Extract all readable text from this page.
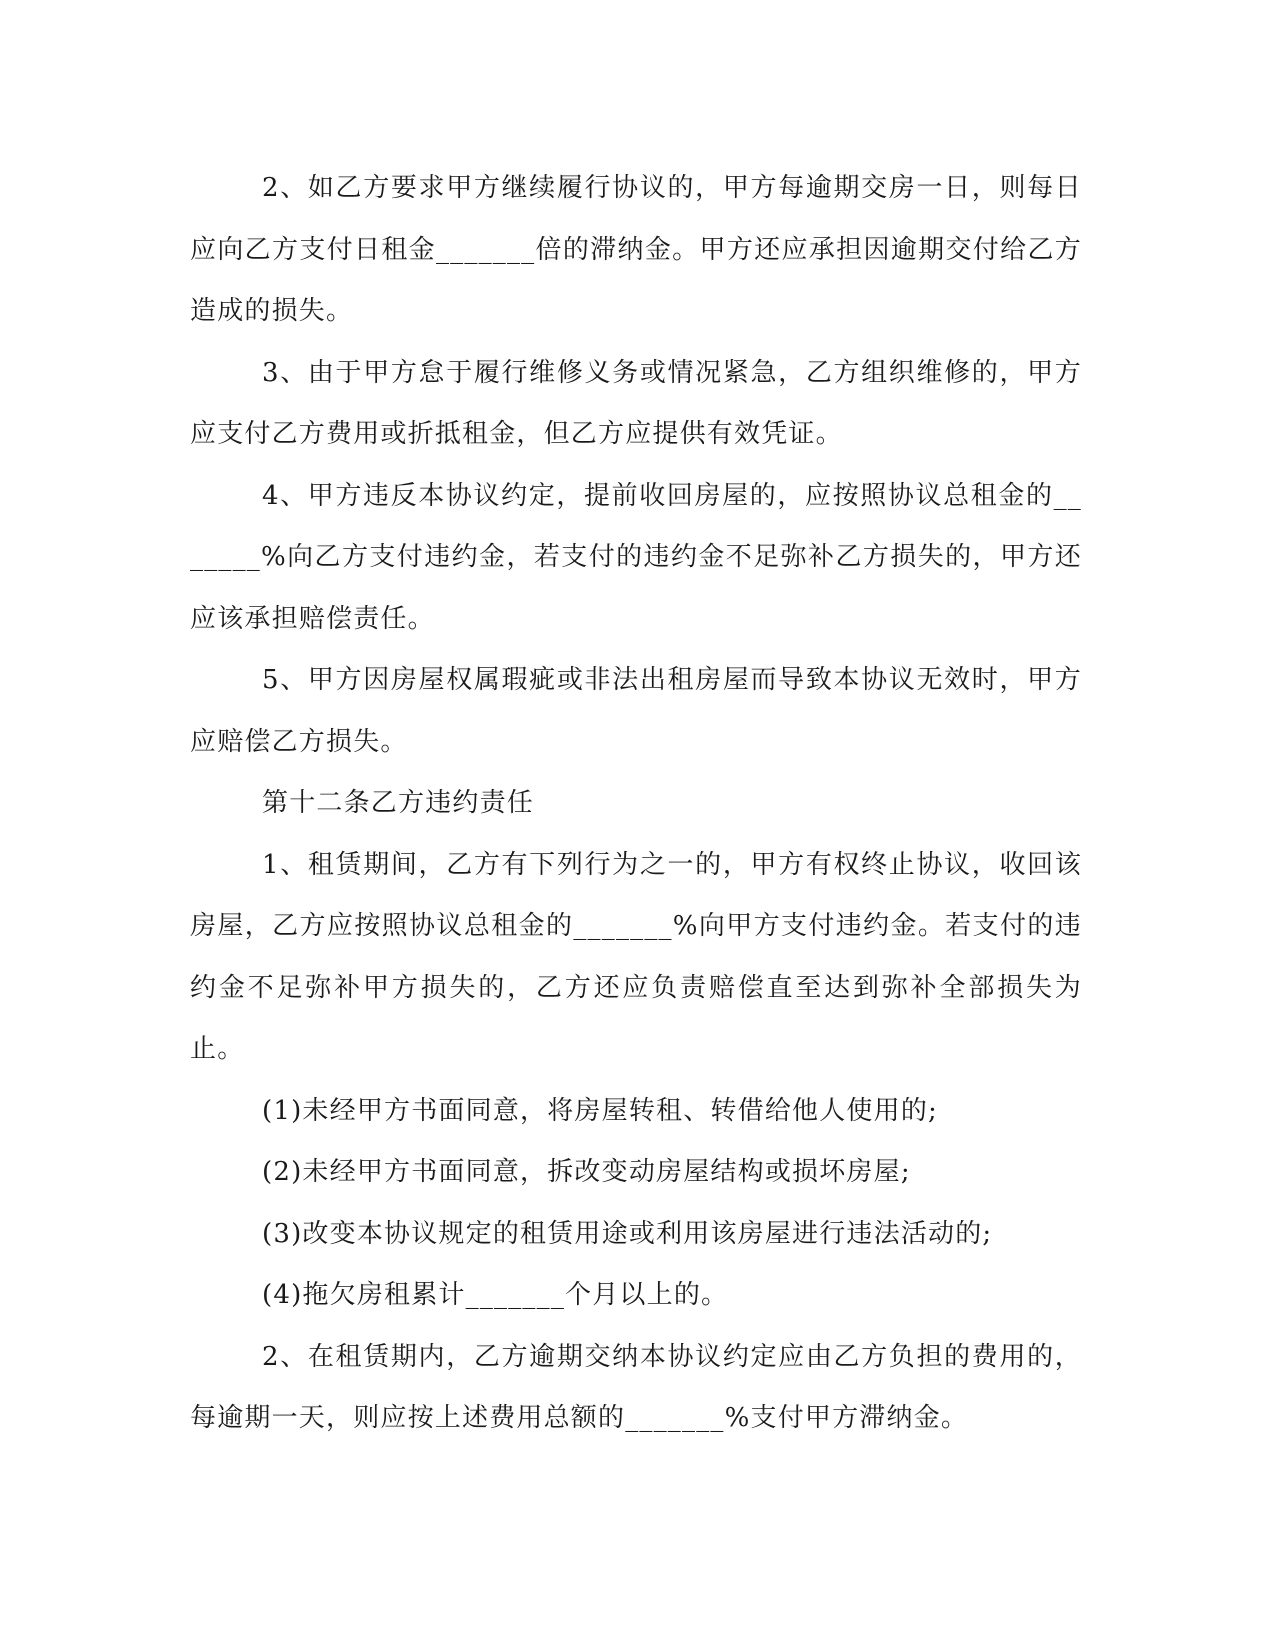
2、如乙方要求甲方继续履行协议的，甲方每逾期交房一日，则每日应向乙方支付日租金_______倍的滞纳金。甲方还应承担因逾期交付给乙方造成的损失。

3、由于甲方怠于履行维修义务或情况紧急，乙方组织维修的，甲方应支付乙方费用或折抵租金，但乙方应提供有效凭证。

4、甲方违反本协议约定，提前收回房屋的，应按照协议总租金的_______%向乙方支付违约金，若支付的违约金不足弥补乙方损失的，甲方还应该承担赔偿责任。

5、甲方因房屋权属瑕疵或非法出租房屋而导致本协议无效时，甲方应赔偿乙方损失。

第十二条乙方违约责任

1、租赁期间，乙方有下列行为之一的，甲方有权终止协议，收回该房屋，乙方应按照协议总租金的_______%向甲方支付违约金。若支付的违约金不足弥补甲方损失的，乙方还应负责赔偿直至达到弥补全部损失为止。

(1)未经甲方书面同意，将房屋转租、转借给他人使用的;

(2)未经甲方书面同意，拆改变动房屋结构或损坏房屋;

(3)改变本协议规定的租赁用途或利用该房屋进行违法活动的;

(4)拖欠房租累计_______个月以上的。

2、在租赁期内，乙方逾期交纳本协议约定应由乙方负担的费用的，每逾期一天，则应按上述费用总额的_______%支付甲方滞纳金。
